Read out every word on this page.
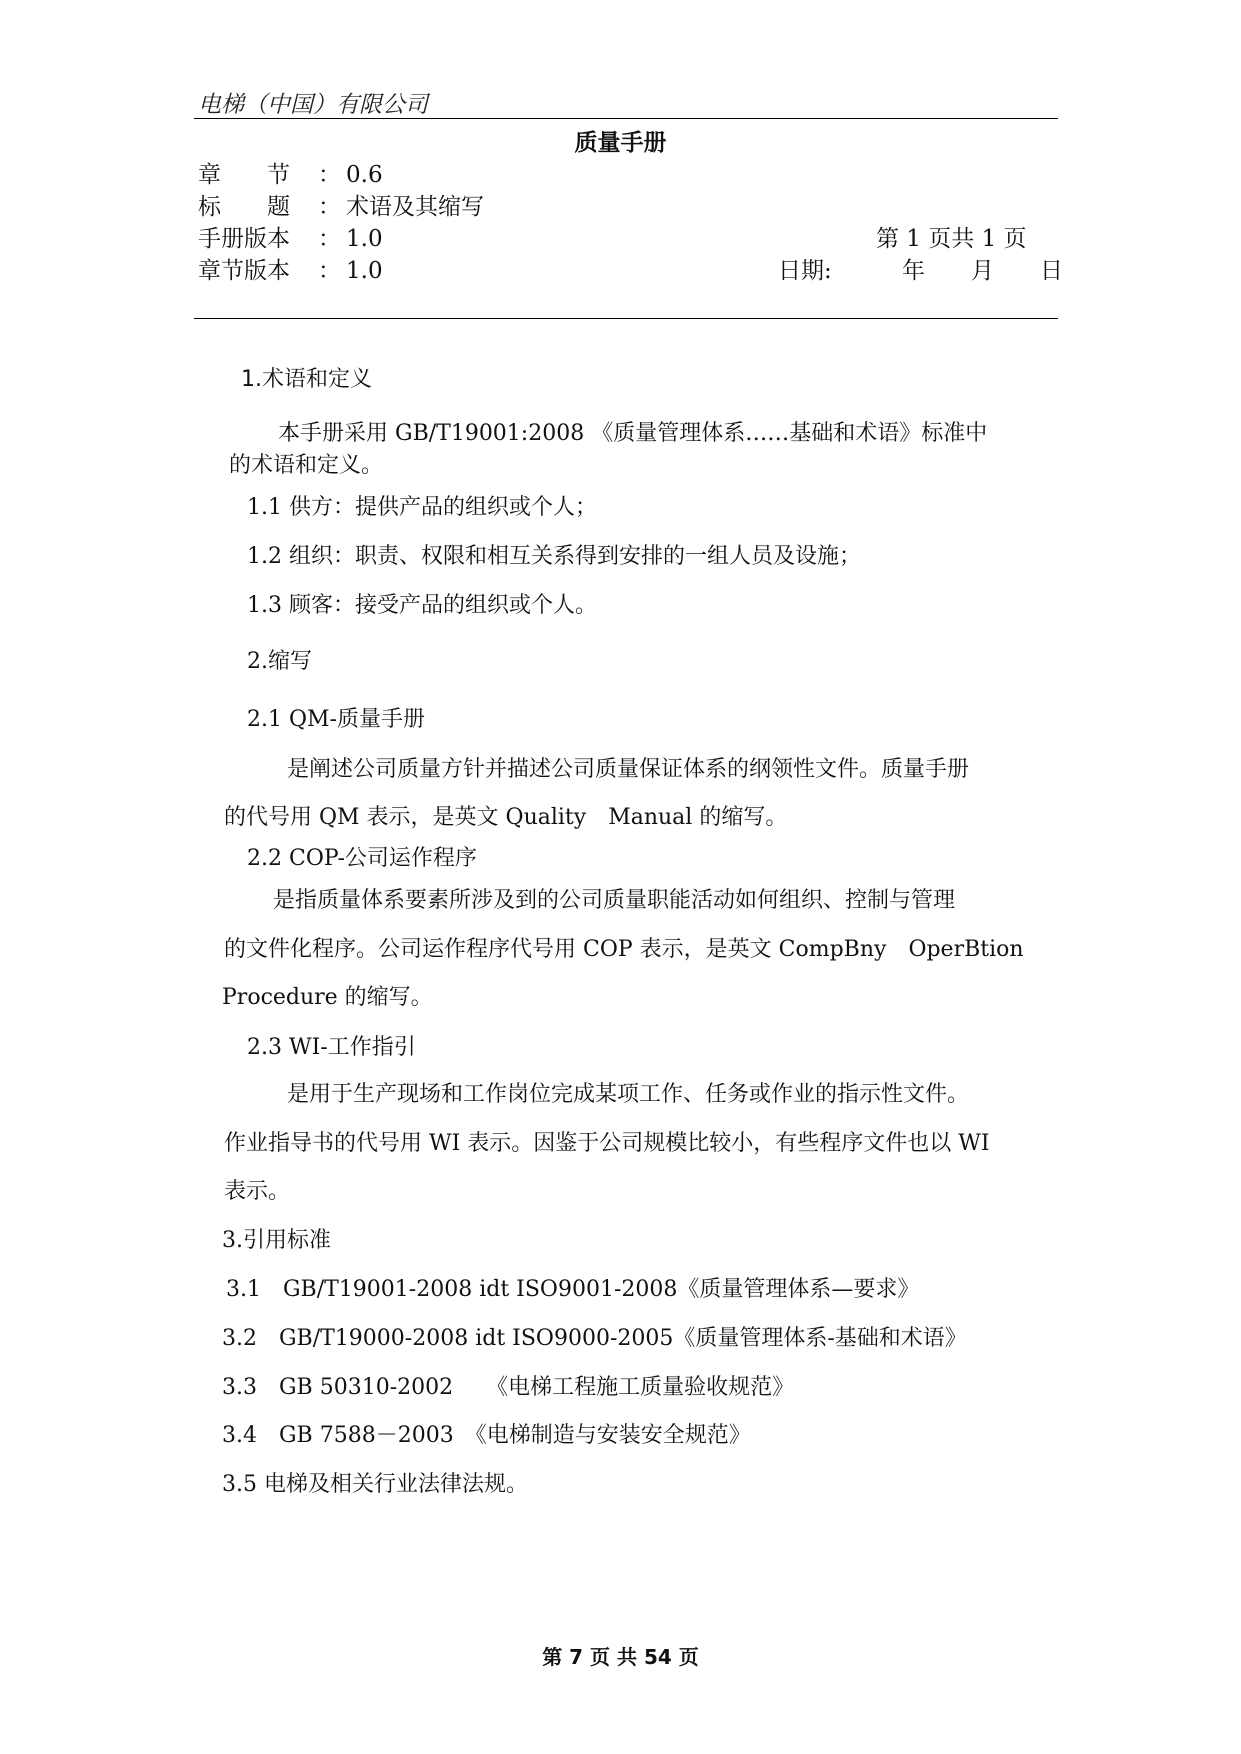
电梯（中国）有限公司
质量手册
章　　节 ： 0.6
标　　题 ： 术语及其缩写
手册版本 ： 1.0
章节版本 ： 1.0
第 1 页共 1 页
日期:	年　　月　　日
1.术语和定义
本手册采用 GB/T19001:2008 《质量管理体系……基础和术语》标准中
的术语和定义。
1.1 供方：提供产品的组织或个人；
1.2 组织：职责、权限和相互关系得到安排的一组人员及设施；
1.3 顾客：接受产品的组织或个人。
2.缩写
2.1 QM-质量手册
是阐述公司质量方针并描述公司质量保证体系的纲领性文件。质量手册
的代号用 QM 表示，是英文 Quality　Manual 的缩写。
2.2 COP-公司运作程序
是指质量体系要素所涉及到的公司质量职能活动如何组织、控制与管理
的文件化程序。公司运作程序代号用 COP 表示，是英文 CompBny　OperBtion
Procedure 的缩写。
2.3 WI-工作指引
是用于生产现场和工作岗位完成某项工作、任务或作业的指示性文件。
作业指导书的代号用 WI 表示。因鉴于公司规模比较小，有些程序文件也以 WI
表示。
3.引用标准
3.1　GB/T19001-2008 idt ISO9001-2008《质量管理体系—要求》
3.2　GB/T19000-2008 idt ISO9000-2005《质量管理体系-基础和术语》
3.3　GB 50310-2002　　《电梯工程施工质量验收规范》
3.4　GB 7588－2003　《电梯制造与安装安全规范》
3.5 电梯及相关行业法律法规。
第 7 页 共 54 页
